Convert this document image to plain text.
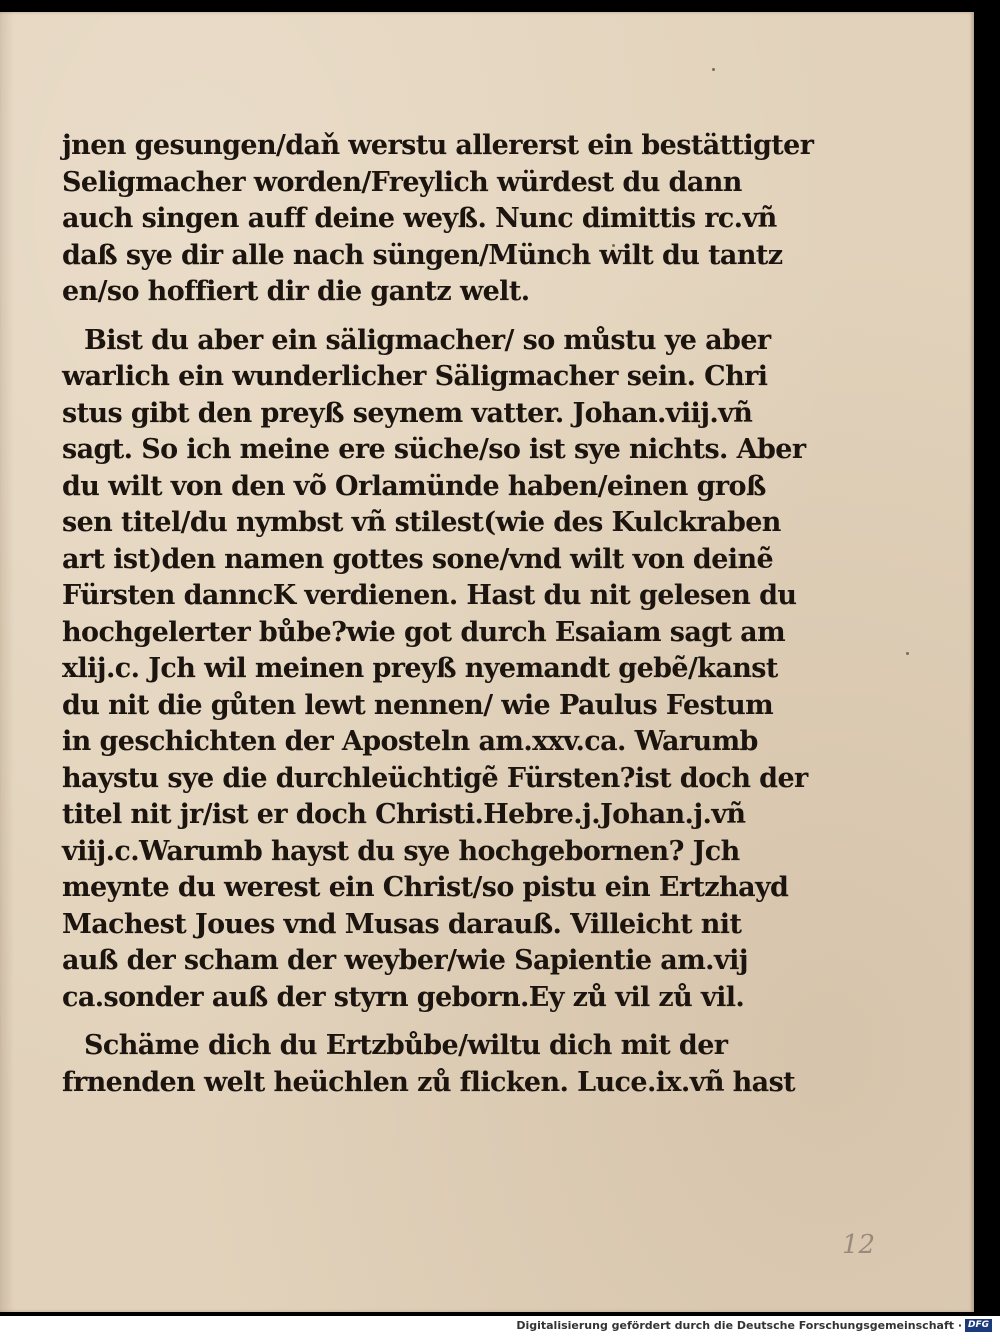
jnen gesungen/daň werstu allererst ein bestättigter
Seligmacher worden/Freylich würdest du dann
auch singen auff deine weyß. Nunc dimittis rc.vñ
daß sye dir alle nach süngen/Münch wilt du tantz
en/so hoffiert dir die gantz welt.

Bist du aber ein säligmacher/ so můstu ye aber
warlich ein wunderlicher Säligmacher sein. Chri
stus gibt den preyß seynem vatter. Johan.viij.vñ
sagt. So ich meine ere süche/so ist sye nichts. Aber
du wilt von den võ Orlamünde haben/einen groß
sen titel/du nymbst vñ stilest(wie des Kulckraben
art ist)den namen gottes sone/vnd wilt von deinẽ
Fürsten danncK verdienen. Hast du nit gelesen du
hochgelerter bůbe?wie got durch Esaiam sagt am
xlij.c. Jch wil meinen preyß nyemandt gebẽ/kanst
du nit die gůten lewt nennen/ wie Paulus Festum
in geschichten der Aposteln am.xxv.ca. Warumb
haystu sye die durchleüchtigẽ Fürsten?ist doch der
titel nit jr/ist er doch Christi.Hebre.j.Johan.j.vñ
viij.c.Warumb hayst du sye hochgebornen? Jch
meynte du werest ein Christ/so pistu ein Ertzhayd
Machest Joues vnd Musas darauß. Villeicht nit
auß der scham der weyber/wie Sapientie am.vij
ca.sonder auß der styrn geborn.Ey zů vil zů vil.

Schäme dich du Ertzbůbe/wiltu dich mit der
frnenden welt heüchlen zů flicken. Luce.ix.vñ hast

12
Digitalisierung gefördert durch die Deutsche Forschungsgemeinschaft · DFG
